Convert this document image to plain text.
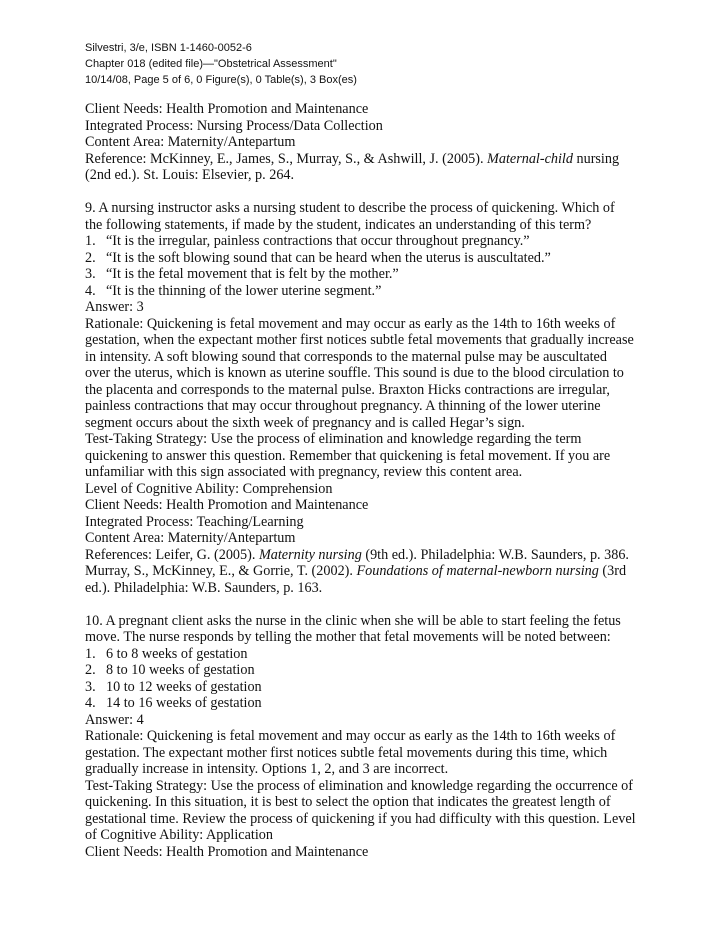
Silvestri, 3/e, ISBN 1-1460-0052-6
Chapter 018 (edited file)—"Obstetrical Assessment"
10/14/08, Page 5 of 6, 0 Figure(s), 0 Table(s), 3 Box(es)
Client Needs: Health Promotion and Maintenance
Integrated Process: Nursing Process/Data Collection
Content Area: Maternity/Antepartum
Reference: McKinney, E., James, S., Murray, S., & Ashwill, J. (2005). Maternal-child nursing
(2nd ed.). St. Louis: Elsevier, p. 264.
9. A nursing instructor asks a nursing student to describe the process of quickening. Which of
the following statements, if made by the student, indicates an understanding of this term?
1. “It is the irregular, painless contractions that occur throughout pregnancy.”
2. “It is the soft blowing sound that can be heard when the uterus is auscultated.”
3. “It is the fetal movement that is felt by the mother.”
4. “It is the thinning of the lower uterine segment.”
Answer: 3
Rationale: Quickening is fetal movement and may occur as early as the 14th to 16th weeks of
gestation, when the expectant mother first notices subtle fetal movements that gradually increase
in intensity. A soft blowing sound that corresponds to the maternal pulse may be auscultated
over the uterus, which is known as uterine souffle. This sound is due to the blood circulation to
the placenta and corresponds to the maternal pulse. Braxton Hicks contractions are irregular,
painless contractions that may occur throughout pregnancy. A thinning of the lower uterine
segment occurs about the sixth week of pregnancy and is called Hegar’s sign.
Test-Taking Strategy: Use the process of elimination and knowledge regarding the term
quickening to answer this question. Remember that quickening is fetal movement. If you are
unfamiliar with this sign associated with pregnancy, review this content area.
Level of Cognitive Ability: Comprehension
Client Needs: Health Promotion and Maintenance
Integrated Process: Teaching/Learning
Content Area: Maternity/Antepartum
References: Leifer, G. (2005). Maternity nursing (9th ed.). Philadelphia: W.B. Saunders, p. 386.
Murray, S., McKinney, E., & Gorrie, T. (2002). Foundations of maternal-newborn nursing (3rd
ed.). Philadelphia: W.B. Saunders, p. 163.
10. A pregnant client asks the nurse in the clinic when she will be able to start feeling the fetus
move. The nurse responds by telling the mother that fetal movements will be noted between:
1. 6 to 8 weeks of gestation
2. 8 to 10 weeks of gestation
3. 10 to 12 weeks of gestation
4. 14 to 16 weeks of gestation
Answer: 4
Rationale: Quickening is fetal movement and may occur as early as the 14th to 16th weeks of
gestation. The expectant mother first notices subtle fetal movements during this time, which
gradually increase in intensity. Options 1, 2, and 3 are incorrect.
Test-Taking Strategy: Use the process of elimination and knowledge regarding the occurrence of
quickening. In this situation, it is best to select the option that indicates the greatest length of
gestational time. Review the process of quickening if you had difficulty with this question. Level
of Cognitive Ability: Application
Client Needs: Health Promotion and Maintenance
